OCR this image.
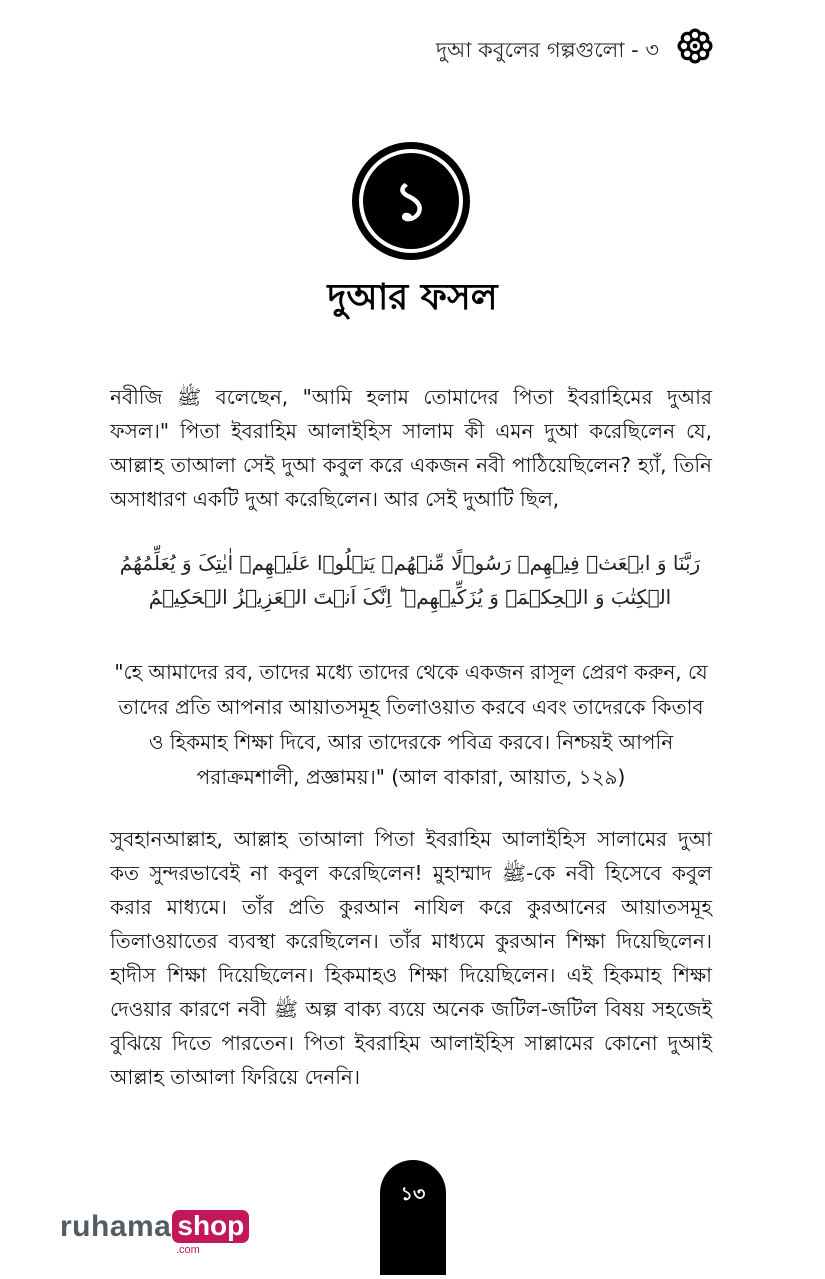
দুআ কবুলের গল্পগুলো - ৩
১
দুআর ফসল
নবীজি ﷺ বলেছেন, "আমি হলাম তোমাদের পিতা ইবরাহিমের দুআর ফসল।" পিতা ইবরাহিম আলাইহিস সালাম কী এমন দুআ করেছিলেন যে, আল্লাহ তাআলা সেই দুআ কবুল করে একজন নবী পাঠিয়েছিলেন? হ্যাঁ, তিনি অসাধারণ একটি দুআ করেছিলেন। আর সেই দুআটি ছিল,
رَبَّنَا وَ ابۡعَثۡ فِیۡهِمۡ رَسُوۡلًا مِّنۡهُمۡ یَتۡلُوۡا عَلَیۡهِمۡ اٰیٰتِکَ وَ یُعَلِّمُهُمُ الۡکِتٰبَ وَ الۡحِکۡمَۃَ وَ یُزَکِّیۡهِمۡ ؕ اِنَّکَ اَنۡتَ الۡعَزِیۡزُ الۡحَکِیۡمُ
"হে আমাদের রব, তাদের মধ্যে তাদের থেকে একজন রাসূল প্রেরণ করুন, যে তাদের প্রতি আপনার আয়াতসমূহ তিলাওয়াত করবে এবং তাদেরকে কিতাব ও হিকমাহ শিক্ষা দিবে, আর তাদেরকে পবিত্র করবে। নিশ্চয়ই আপনি পরাক্রমশালী, প্রজ্ঞাময়।" (আল বাকারা, আয়াত, ১২৯)
সুবহানআল্লাহ, আল্লাহ তাআলা পিতা ইবরাহিম আলাইহিস সালামের দুআ কত সুন্দরভাবেই না কবুল করেছিলেন! মুহাম্মাদ ﷺ-কে নবী হিসেবে কবুল করার মাধ্যমে। তাঁর প্রতি কুরআন নাযিল করে কুরআনের আয়াতসমূহ তিলাওয়াতের ব্যবস্থা করেছিলেন। তাঁর মাধ্যমে কুরআন শিক্ষা দিয়েছিলেন। হাদীস শিক্ষা দিয়েছিলেন। হিকমাহও শিক্ষা দিয়েছিলেন। এই হিকমাহ শিক্ষা দেওয়ার কারণে নবী ﷺ অল্প বাক্য ব্যয়ে অনেক জটিল-জটিল বিষয় সহজেই বুঝিয়ে দিতে পারতেন। পিতা ইবরাহিম আলাইহিস সাল্লামের কোনো দুআই আল্লাহ তাআলা ফিরিয়ে দেননি।
১৩
ruhama shop
.com
